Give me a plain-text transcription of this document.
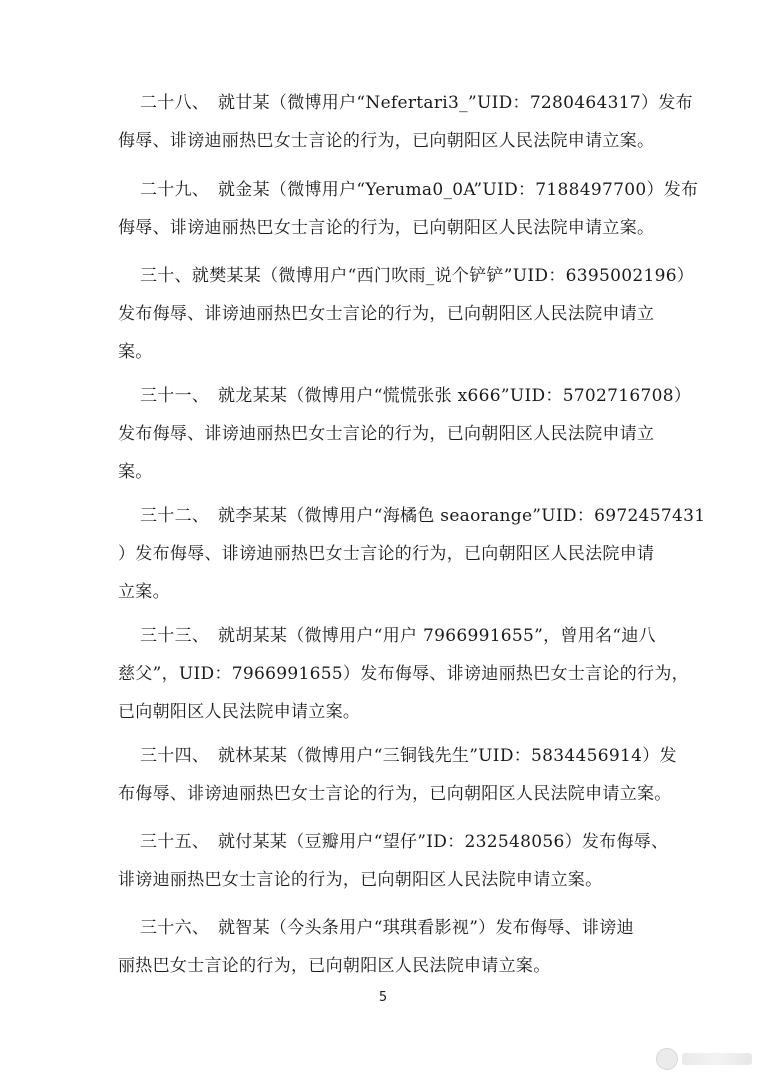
二十八、　就甘某（微博用户“Nefertari3_”UID：7280464317）发布
侮辱、诽谤迪丽热巴女士言论的行为，已向朝阳区人民法院申请立案。

二十九、　就金某（微博用户“Yeruma0_0A”UID：7188497700）发布
侮辱、诽谤迪丽热巴女士言论的行为，已向朝阳区人民法院申请立案。

三十、就樊某某（微博用户“西门吹雨_说个铲铲”UID：6395002196）
发布侮辱、诽谤迪丽热巴女士言论的行为，已向朝阳区人民法院申请立
案。

三十一、　就龙某某（微博用户“慌慌张张 x666”UID：5702716708）
发布侮辱、诽谤迪丽热巴女士言论的行为，已向朝阳区人民法院申请立
案。

三十二、　就李某某（微博用户“海橘色 seaorange”UID：6972457431
）发布侮辱、诽谤迪丽热巴女士言论的行为，已向朝阳区人民法院申请
立案。

三十三、　就胡某某（微博用户“用户 7966991655”，曾用名“迪八
慈父”，UID：7966991655）发布侮辱、诽谤迪丽热巴女士言论的行为，
已向朝阳区人民法院申请立案。

三十四、　就林某某（微博用户“三铜钱先生”UID：5834456914）发
布侮辱、诽谤迪丽热巴女士言论的行为，已向朝阳区人民法院申请立案。

三十五、　就付某某（豆瓣用户“望仔”ID：232548056）发布侮辱、
诽谤迪丽热巴女士言论的行为，已向朝阳区人民法院申请立案。

三十六、　就智某（今头条用户“琪琪看影视”）发布侮辱、诽谤迪
丽热巴女士言论的行为，已向朝阳区人民法院申请立案。

5
